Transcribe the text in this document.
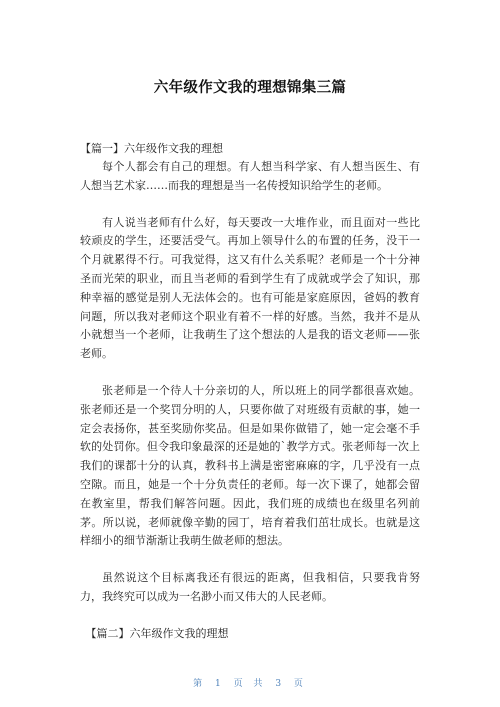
六年级作文我的理想锦集三篇

【篇一】六年级作文我的理想

每个人都会有自己的理想。有人想当科学家、有人想当医生、有人想当艺术家……而我的理想是当一名传授知识给学生的老师。

有人说当老师有什么好，每天要改一大堆作业，而且面对一些比较顽皮的学生，还要活受气。再加上领导什么的布置的任务，没干一个月就累得不行。可我觉得，这又有什么关系呢？老师是一个十分神圣而光荣的职业，而且当老师的看到学生有了成就或学会了知识，那种幸福的感觉是别人无法体会的。也有可能是家庭原因，爸妈的教育问题，所以我对老师这个职业有着不一样的好感。当然，我并不是从小就想当一个老师，让我萌生了这个想法的人是我的语文老师——张老师。

张老师是一个待人十分亲切的人，所以班上的同学都很喜欢她。张老师还是一个奖罚分明的人，只要你做了对班级有贡献的事，她一定会表扬你，甚至奖励你奖品。但是如果你做错了，她一定会毫不手软的处罚你。但令我印象最深的还是她的`教学方式。张老师每一次上我们的课都十分的认真，教科书上满是密密麻麻的字，几乎没有一点空隙。而且，她是一个十分负责任的老师。每一次下课了，她都会留在教室里，帮我们解答问题。因此，我们班的成绩也在级里名列前茅。所以说，老师就像辛勤的园丁，培育着我们茁壮成长。也就是这样细小的细节渐渐让我萌生做老师的想法。

虽然说这个目标离我还有很远的距离，但我相信，只要我肯努力，我终究可以成为一名渺小而又伟大的人民老师。

【篇二】六年级作文我的理想

第 1 页 共 3 页
